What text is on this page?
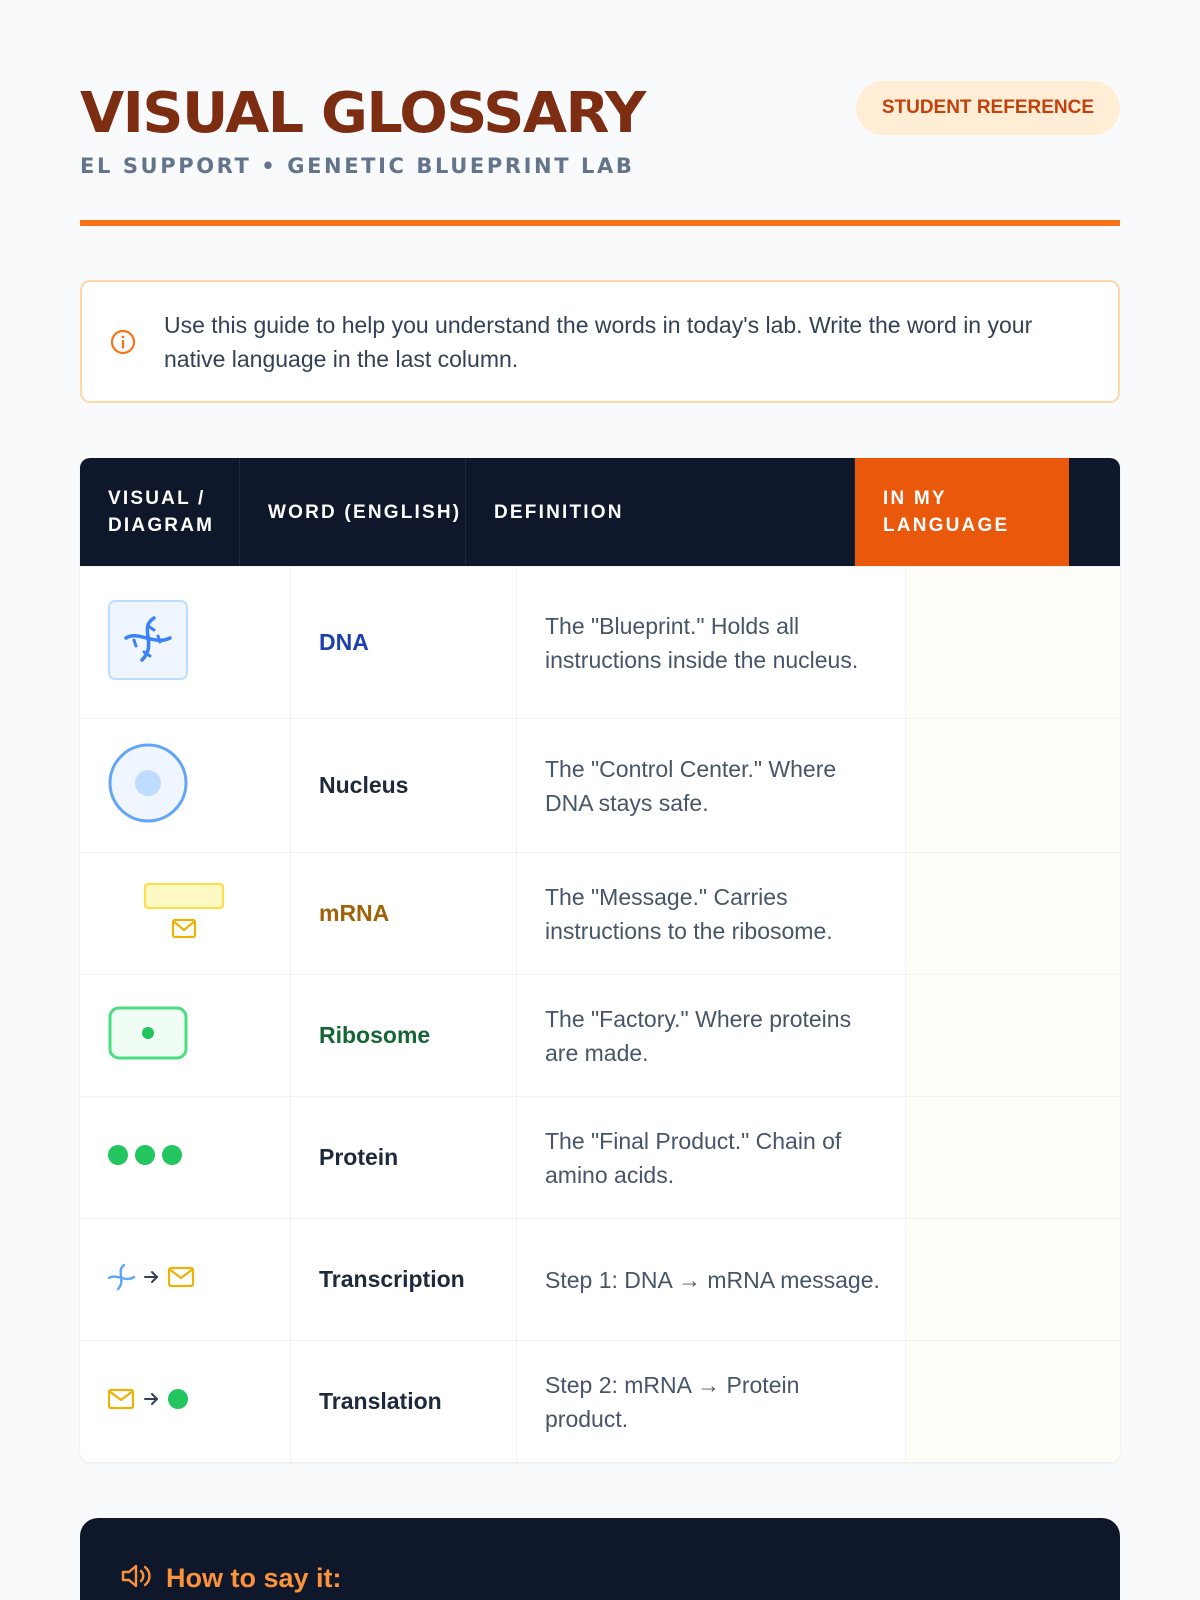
VISUAL GLOSSARY
EL SUPPORT • GENETIC BLUEPRINT LAB
STUDENT REFERENCE
Use this guide to help you understand the words in today's lab. Write the word in your native language in the last column.
VISUAL / DIAGRAM
WORD (ENGLISH)	DEFINITION
IN MY LANGUAGE
DNA
The "Blueprint." Holds all instructions inside the nucleus.
Nucleus
The "Control Center." Where DNA stays safe.
mRNA
The "Message." Carries instructions to the ribosome.
Ribosome
The "Factory." Where proteins are made.
Protein
The "Final Product." Chain of amino acids.
Transcription	Step 1: DNA → mRNA message.
Translation
Step 2: mRNA → Protein product.
How to say it:
